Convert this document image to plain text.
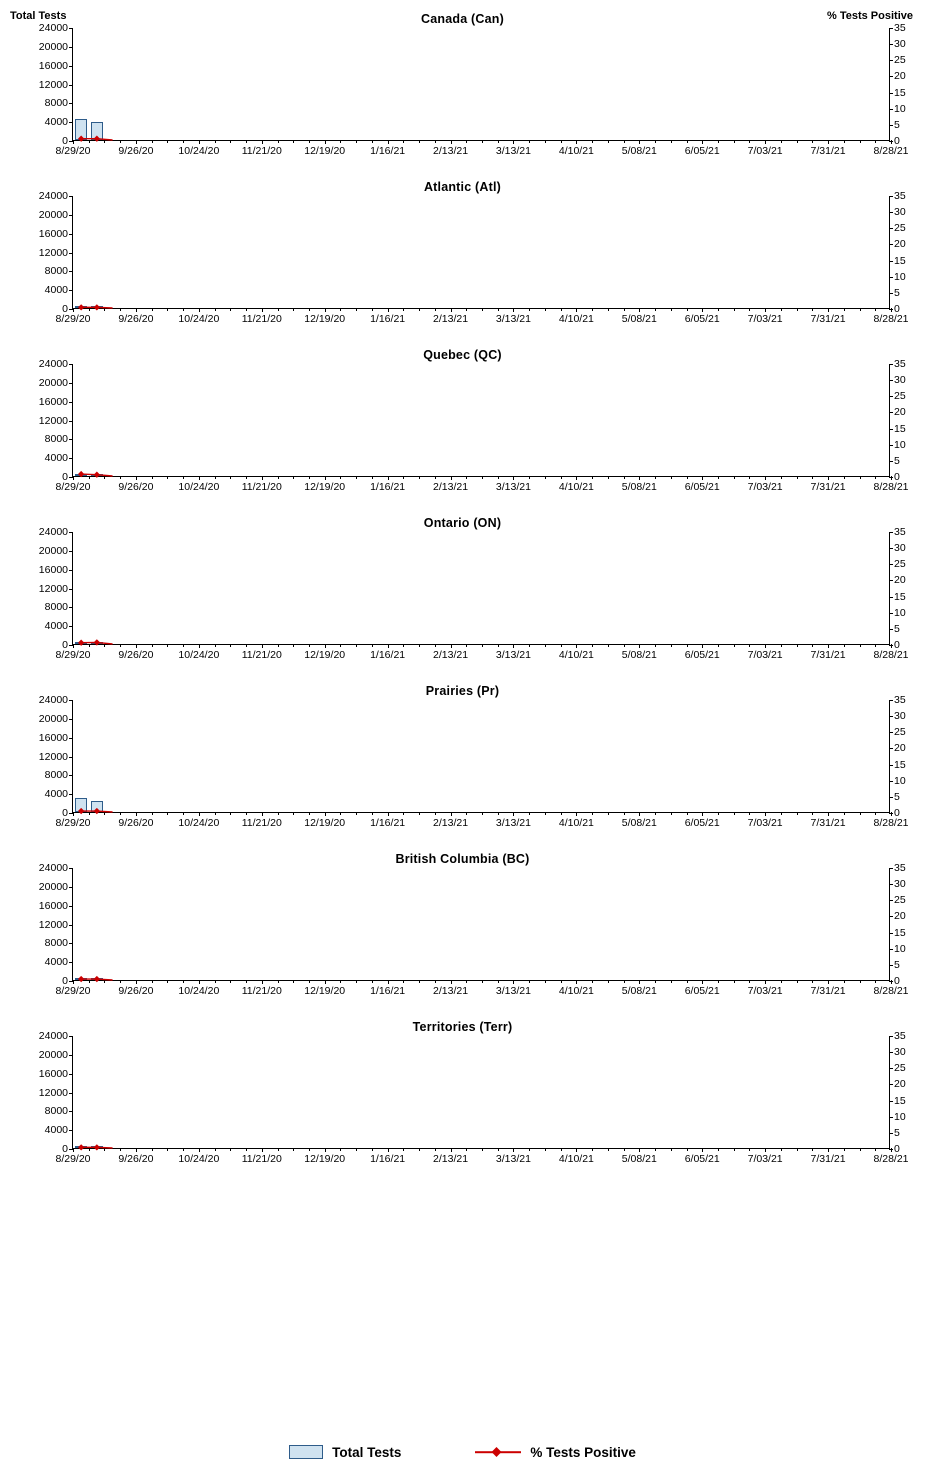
Total Tests	% Tests Positive
Canada (Can)
0
4000
8000
12000
16000
20000
24000
0
5
10
15
20
25
30
35
8/29/20	9/26/20 10/24/20 11/21/20 12/19/20 1/16/21	2/13/21	3/13/21	4/10/21	5/08/21	6/05/21	7/03/21	7/31/21	8/28/21
Atlantic (Atl)
0
4000
8000
12000
16000
20000
24000
0
5
10
15
20
25
30
35
8/29/20	9/26/20 10/24/20 11/21/20 12/19/20 1/16/21	2/13/21	3/13/21	4/10/21	5/08/21	6/05/21	7/03/21	7/31/21	8/28/21
Quebec (QC)
0
4000
8000
12000
16000
20000
24000
0
5
10
15
20
25
30
35
8/29/20	9/26/20 10/24/20 11/21/20 12/19/20 1/16/21	2/13/21	3/13/21	4/10/21	5/08/21	6/05/21	7/03/21	7/31/21	8/28/21
Ontario (ON)
0
4000
8000
12000
16000
20000
24000
0
5
10
15
20
25
30
35
8/29/20	9/26/20 10/24/20 11/21/20 12/19/20 1/16/21	2/13/21	3/13/21	4/10/21	5/08/21	6/05/21	7/03/21	7/31/21	8/28/21
Prairies (Pr)
0
4000
8000
12000
16000
20000
24000
0
5
10
15
20
25
30
35
8/29/20	9/26/20 10/24/20 11/21/20 12/19/20 1/16/21	2/13/21	3/13/21	4/10/21	5/08/21	6/05/21	7/03/21	7/31/21	8/28/21
British Columbia (BC)
0
4000
8000
12000
16000
20000
24000
0
5
10
15
20
25
30
35
8/29/20	9/26/20 10/24/20 11/21/20 12/19/20 1/16/21	2/13/21	3/13/21	4/10/21	5/08/21	6/05/21	7/03/21	7/31/21	8/28/21
Territories (Terr)
0
4000
8000
12000
16000
20000
24000
0
5
10
15
20
25
30
35
8/29/20	9/26/20 10/24/20 11/21/20 12/19/20 1/16/21	2/13/21	3/13/21	4/10/21	5/08/21	6/05/21	7/03/21	7/31/21	8/28/21
Total Tests	% Tests Positive
